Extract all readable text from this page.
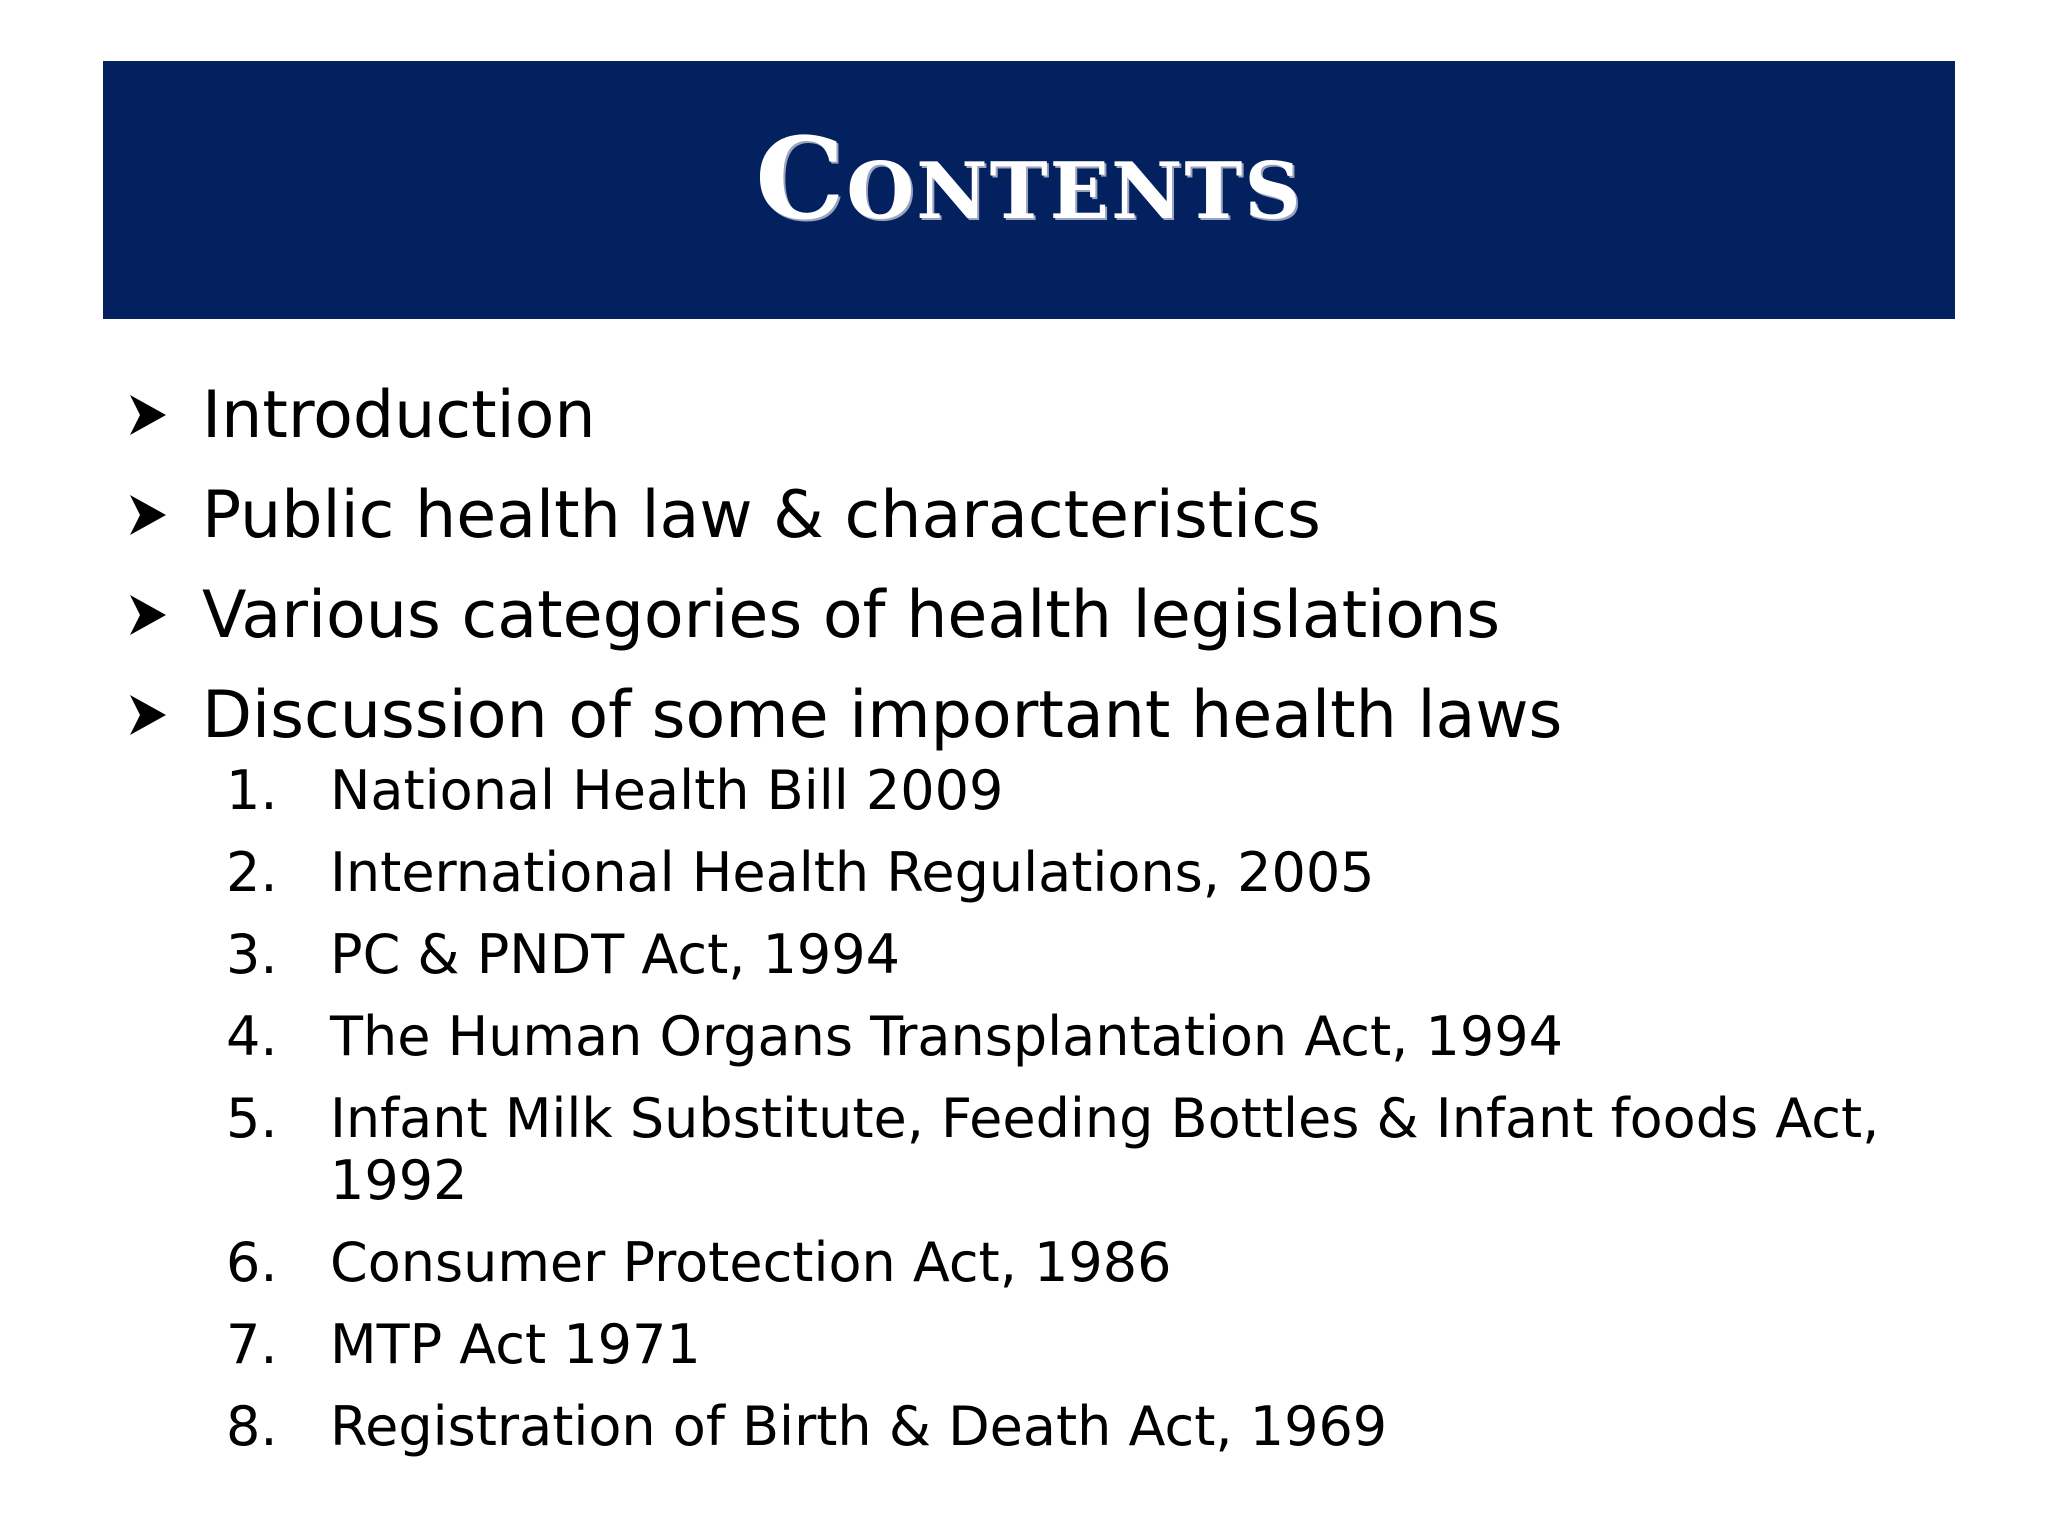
Contents
Introduction
Public health law & characteristics
Various categories of health legislations
Discussion of some important health laws
1. National Health Bill 2009
2. International Health Regulations, 2005
3. PC & PNDT Act, 1994
4. The Human Organs Transplantation Act, 1994
5. Infant Milk Substitute, Feeding Bottles & Infant foods Act, 1992
6. Consumer Protection Act, 1986
7. MTP Act 1971
8. Registration of Birth & Death Act, 1969
